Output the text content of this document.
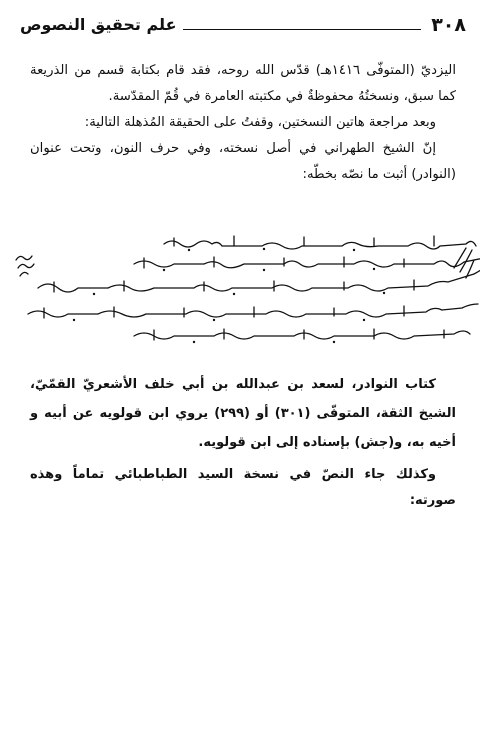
٣٠٨
علم تحقيق النصوص
اليزديّ (المتوفّى ١٤١٦هـ) قدّس الله روحه، فقد قام بكتابة قسم من الذريعة كما سبق، ونسختُهُ محفوظةٌ في مكتبته العامرة في قُمّ المقدّسة.
وبعد مراجعة هاتين النسختين، وقفتُ على الحقيقة المُذهلة التالية:
إنّ الشيخ الطهراني في أصل نسخته، وفي حرف النون، وتحت عنوان (النوادر) أثبت ما نصّه بخطّه:
كتاب النوادر، لسعد بن عبدالله بن أبي خلف الأشعريّ القمّيّ، الشيخ الثقة، المتوفّى (٣٠١) أو (٢٩٩) يروي ابن قولويه عن أبيه و أخيه به، و(جش) بإسناده إلى ابن قولويه.
وكذلك جاء النصّ في نسخة السيد الطباطبائي تماماً وهذه صورته:
